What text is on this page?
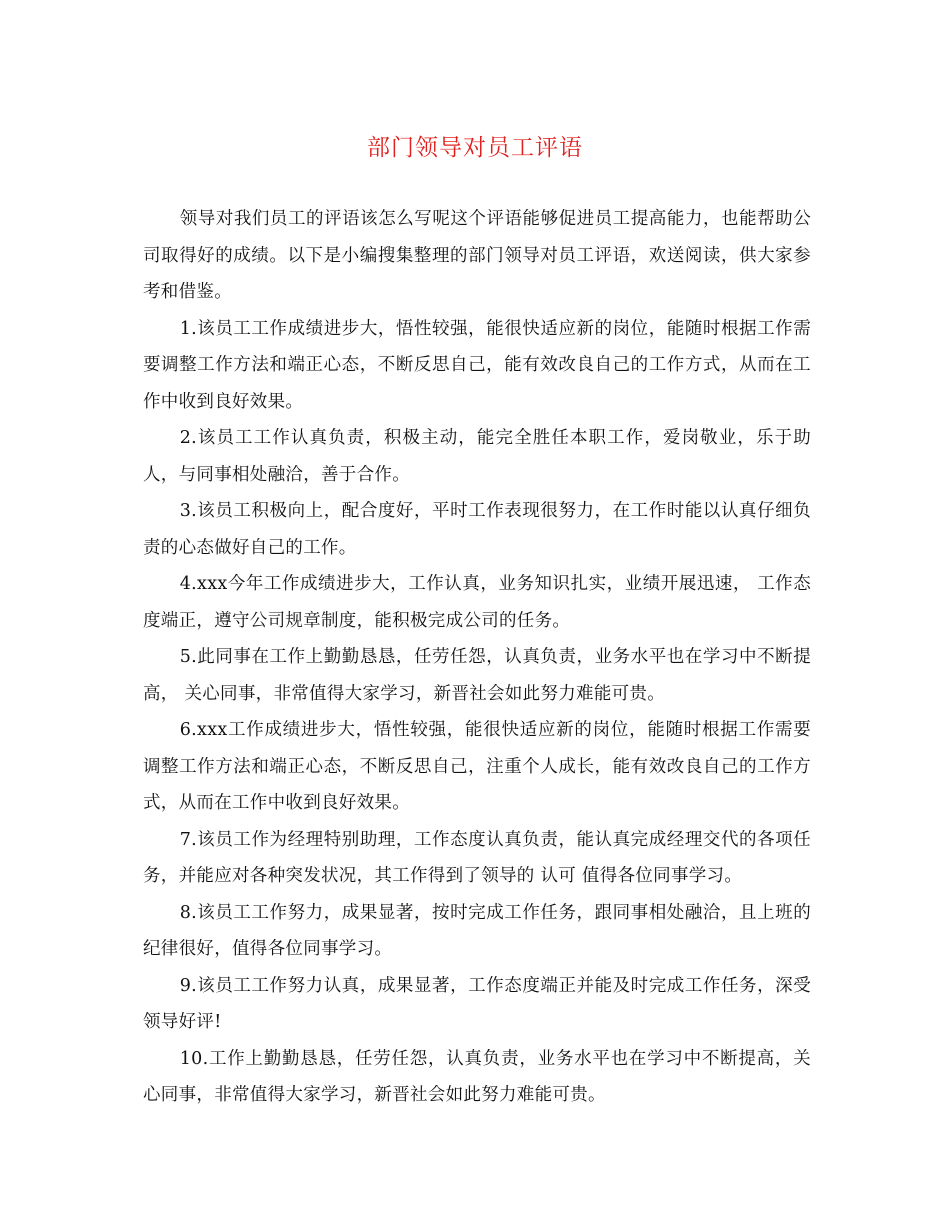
部门领导对员工评语

领导对我们员工的评语该怎么写呢这个评语能够促进员工提高能力，也能帮助公司取得好的成绩。以下是小编搜集整理的部门领导对员工评语，欢送阅读，供大家参考和借鉴。

1.该员工工作成绩进步大，悟性较强，能很快适应新的岗位，能随时根据工作需要调整工作方法和端正心态，不断反思自己，能有效改良自己的工作方式，从而在工作中收到良好效果。

2.该员工工作认真负责，积极主动，能完全胜任本职工作，爱岗敬业，乐于助人，与同事相处融洽，善于合作。

3.该员工积极向上，配合度好，平时工作表现很努力，在工作时能以认真仔细负责的心态做好自己的工作。

4.xxx今年工作成绩进步大，工作认真，业务知识扎实，业绩开展迅速， 工作态度端正，遵守公司规章制度，能积极完成公司的任务。

5.此同事在工作上勤勤恳恳，任劳任怨，认真负责，业务水平也在学习中不断提高， 关心同事，非常值得大家学习，新晋社会如此努力难能可贵。

6.xxx工作成绩进步大，悟性较强，能很快适应新的岗位，能随时根据工作需要调整工作方法和端正心态，不断反思自己，注重个人成长，能有效改良自己的工作方式，从而在工作中收到良好效果。

7.该员工作为经理特别助理，工作态度认真负责，能认真完成经理交代的各项任务，并能应对各种突发状况，其工作得到了领导的 认可 值得各位同事学习。

8.该员工工作努力，成果显著，按时完成工作任务，跟同事相处融洽，且上班的纪律很好，值得各位同事学习。

9.该员工工作努力认真，成果显著，工作态度端正并能及时完成工作任务，深受领导好评!

10.工作上勤勤恳恳，任劳任怨，认真负责，业务水平也在学习中不断提高，关心同事，非常值得大家学习，新晋社会如此努力难能可贵。
